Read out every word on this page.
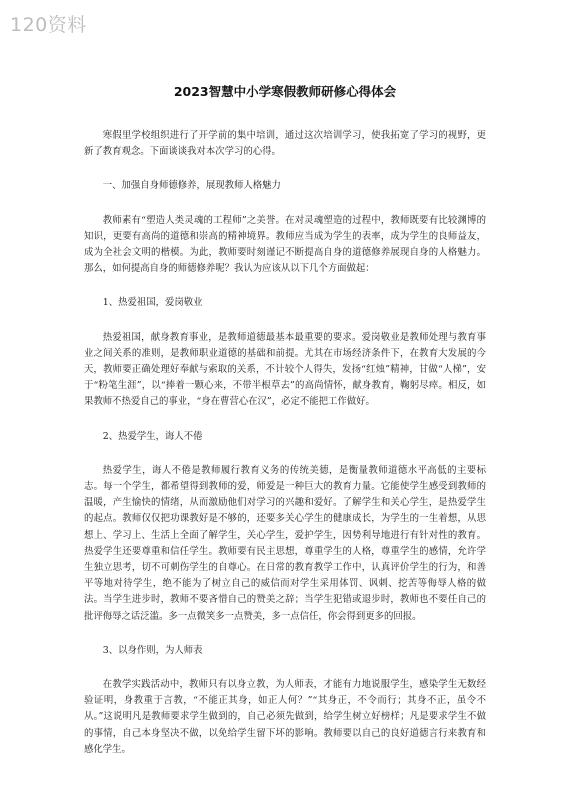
120资料
2023智慧中小学寒假教师研修心得体会

寒假里学校组织进行了开学前的集中培训，通过这次培训学习，使我拓宽了学习的视野，更新了教育观念。下面谈谈我对本次学习的心得。

一、加强自身师德修养，展现教师人格魅力

教师素有“塑造人类灵魂的工程师”之美誉。在对灵魂塑造的过程中，教师既要有比较渊博的知识，更要有高尚的道德和崇高的精神境界。教师应当成为学生的表率，成为学生的良师益友，成为全社会文明的楷模。为此，教师要时刻谨记不断提高自身的道德修养展现自身的人格魅力。那么，如何提高自身的师德修养呢？我认为应该从以下几个方面做起：

1、热爱祖国，爱岗敬业

热爱祖国，献身教育事业，是教师道德最基本最重要的要求。爱岗敬业是教师处理与教育事业之间关系的准则，是教师职业道德的基础和前提。尤其在市场经济条件下，在教育大发展的今天，教师要正确处理好奉献与索取的关系，不计较个人得失，发扬“红烛”精神，甘做“人梯”，安于“粉笔生涯”，以“捧着一颗心来，不带半根草去”的高尚情怀，献身教育，鞠躬尽瘁。相反，如果教师不热爱自己的事业，“身在曹营心在汉”，必定不能把工作做好。

2、热爱学生，诲人不倦

热爱学生，诲人不倦是教师履行教育义务的传统美德，是衡量教师道德水平高低的主要标志。每一个学生，都希望得到教师的爱，师爱是一种巨大的教育力量。它能使学生感受到教师的温暖，产生愉快的情绪，从而激励他们对学习的兴趣和爱好。了解学生和关心学生，是热爱学生的起点。教师仅仅把功课教好是不够的，还要多关心学生的健康成长，为学生的一生着想，从思想上、学习上、生活上全面了解学生，关心学生，爱护学生，因势利导地进行有针对性的教育。热爱学生还要尊重和信任学生。教师要有民主思想，尊重学生的人格，尊重学生的感情，允许学生独立思考，切不可刺伤学生的自尊心。在日常的教育教学工作中，认真评价学生的行为，和善平等地对待学生，绝不能为了树立自己的威信而对学生采用体罚、讽刺、挖苦等侮辱人格的做法。当学生进步时，教师不要吝惜自己的赞美之辞；当学生犯错或退步时，教师也不要任自己的批评侮辱之话泛滥。多一点微笑多一点赞美，多一点信任，你会得到更多的回报。

3、以身作则，为人师表

在教学实践活动中，教师只有以身立教，为人师表，才能有力地说服学生，感染学生无数经验证明，身教重于言教，“不能正其身，如正人何？”“其身正，不令而行；其身不正，虽令不从。”这说明凡是教师要求学生做到的，自己必须先做到，给学生树立好榜样；凡是要求学生不做的事情，自己本身坚决不做，以免给学生留下坏的影响。教师要以自己的良好道德言行来教育和感化学生。
